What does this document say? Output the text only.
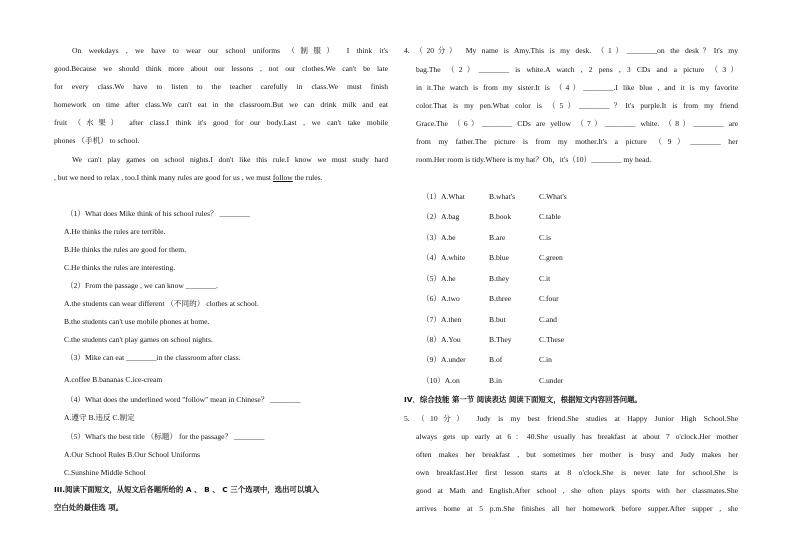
On weekdays , we have to wear our school uniforms （制服） I think it's
good.Because we should think more about our lessons , not our clothes.We can't be late
for every class.We have to listen to the teacher carefully in class.We must finish
homework on time after class.We can't eat in the classroom.But we can drink milk and eat
fruit （水果） after class.I think it's good for our body.Last , we can't take mobile
phones （手机） to school.
We can't play games on school nights.I don't like this rule.I know we must study hard
, but we need to relax , too.I think many rules are good for us , we must follow the rules.
（1）What does Mike think of his school rules？ ________
A.He thinks the rules are terrible.
B.He thinks the rules are good for them.
C.He thinks the rules are interesting.
（2）From the passage , we can know ________.
A.the students can wear different （不同的） clothes at school.
B.the students can't use mobile phones at home.
C.the students can't play games on school nights.
（3）Mike can eat ________in the classroom after class.
A.coffee B.bananas C.ice-cream
（4）What does the underlined word "follow" mean in Chinese？ ________
A.遵守 B.违反 C.制定
（5）What's the best title （标题） for the passage？ ________
A.Our School Rules B.Our School Uniforms
C.Sunshine Middle School
III.阅读下面短文，从短文后各题所给的 A 、 B 、 C 三个选项中，选出可以填入
空白处的最佳选 项。
4. （20分） My name is Amy.This is my desk. （1）________on the desk？It's my
bag.The （2）________ is white.A watch , 2 pens , 3 CDs and a picture （3）
in it.The watch is from my sister.It is （4）________.I like blue , and it is my favorite
color.That is my pen.What color is （5）________？It's purple.It is from my friend
Grace.The （6）________ CDs are yellow （7）________ white. （8）________ are
from my father.The picture is from my mother.It's a picture （9）________ her
room.Her room is tidy.Where is my hat？Oh，it's（10）________ my head.
（1）A.What	B.what's	C.What's
（2）A.bag	B.book	C.table
（3）A.be	B.are	C.is
（4）A.white	B.blue	C.green
（5）A.he	B.they	C.it
（6）A.two	B.three	C.four
（7）A.then	B.but	C.and
（8）A.You	B.They	C.These
（9）A.under	B.of	C.in
（10）A.on	B.in	C.under
IV．综合技能 第一节 阅读表达 阅读下面短文，根据短文内容回答问题。
5. （10分） Judy is my best friend.She studies at Happy Junior High School.She
always gets up early at 6：40.She usually has breakfast at about 7 o'clock.Her mother
often makes her breakfast , but sometimes her mother is busy and Judy makes her
own breakfast.Her first lesson starts at 8 o'clock.She is never late for school.She is
good at Math and English.After school , she often plays sports with her classmates.She
arrives home at 5 p.m.She finishes all her homework before supper.After supper , she
